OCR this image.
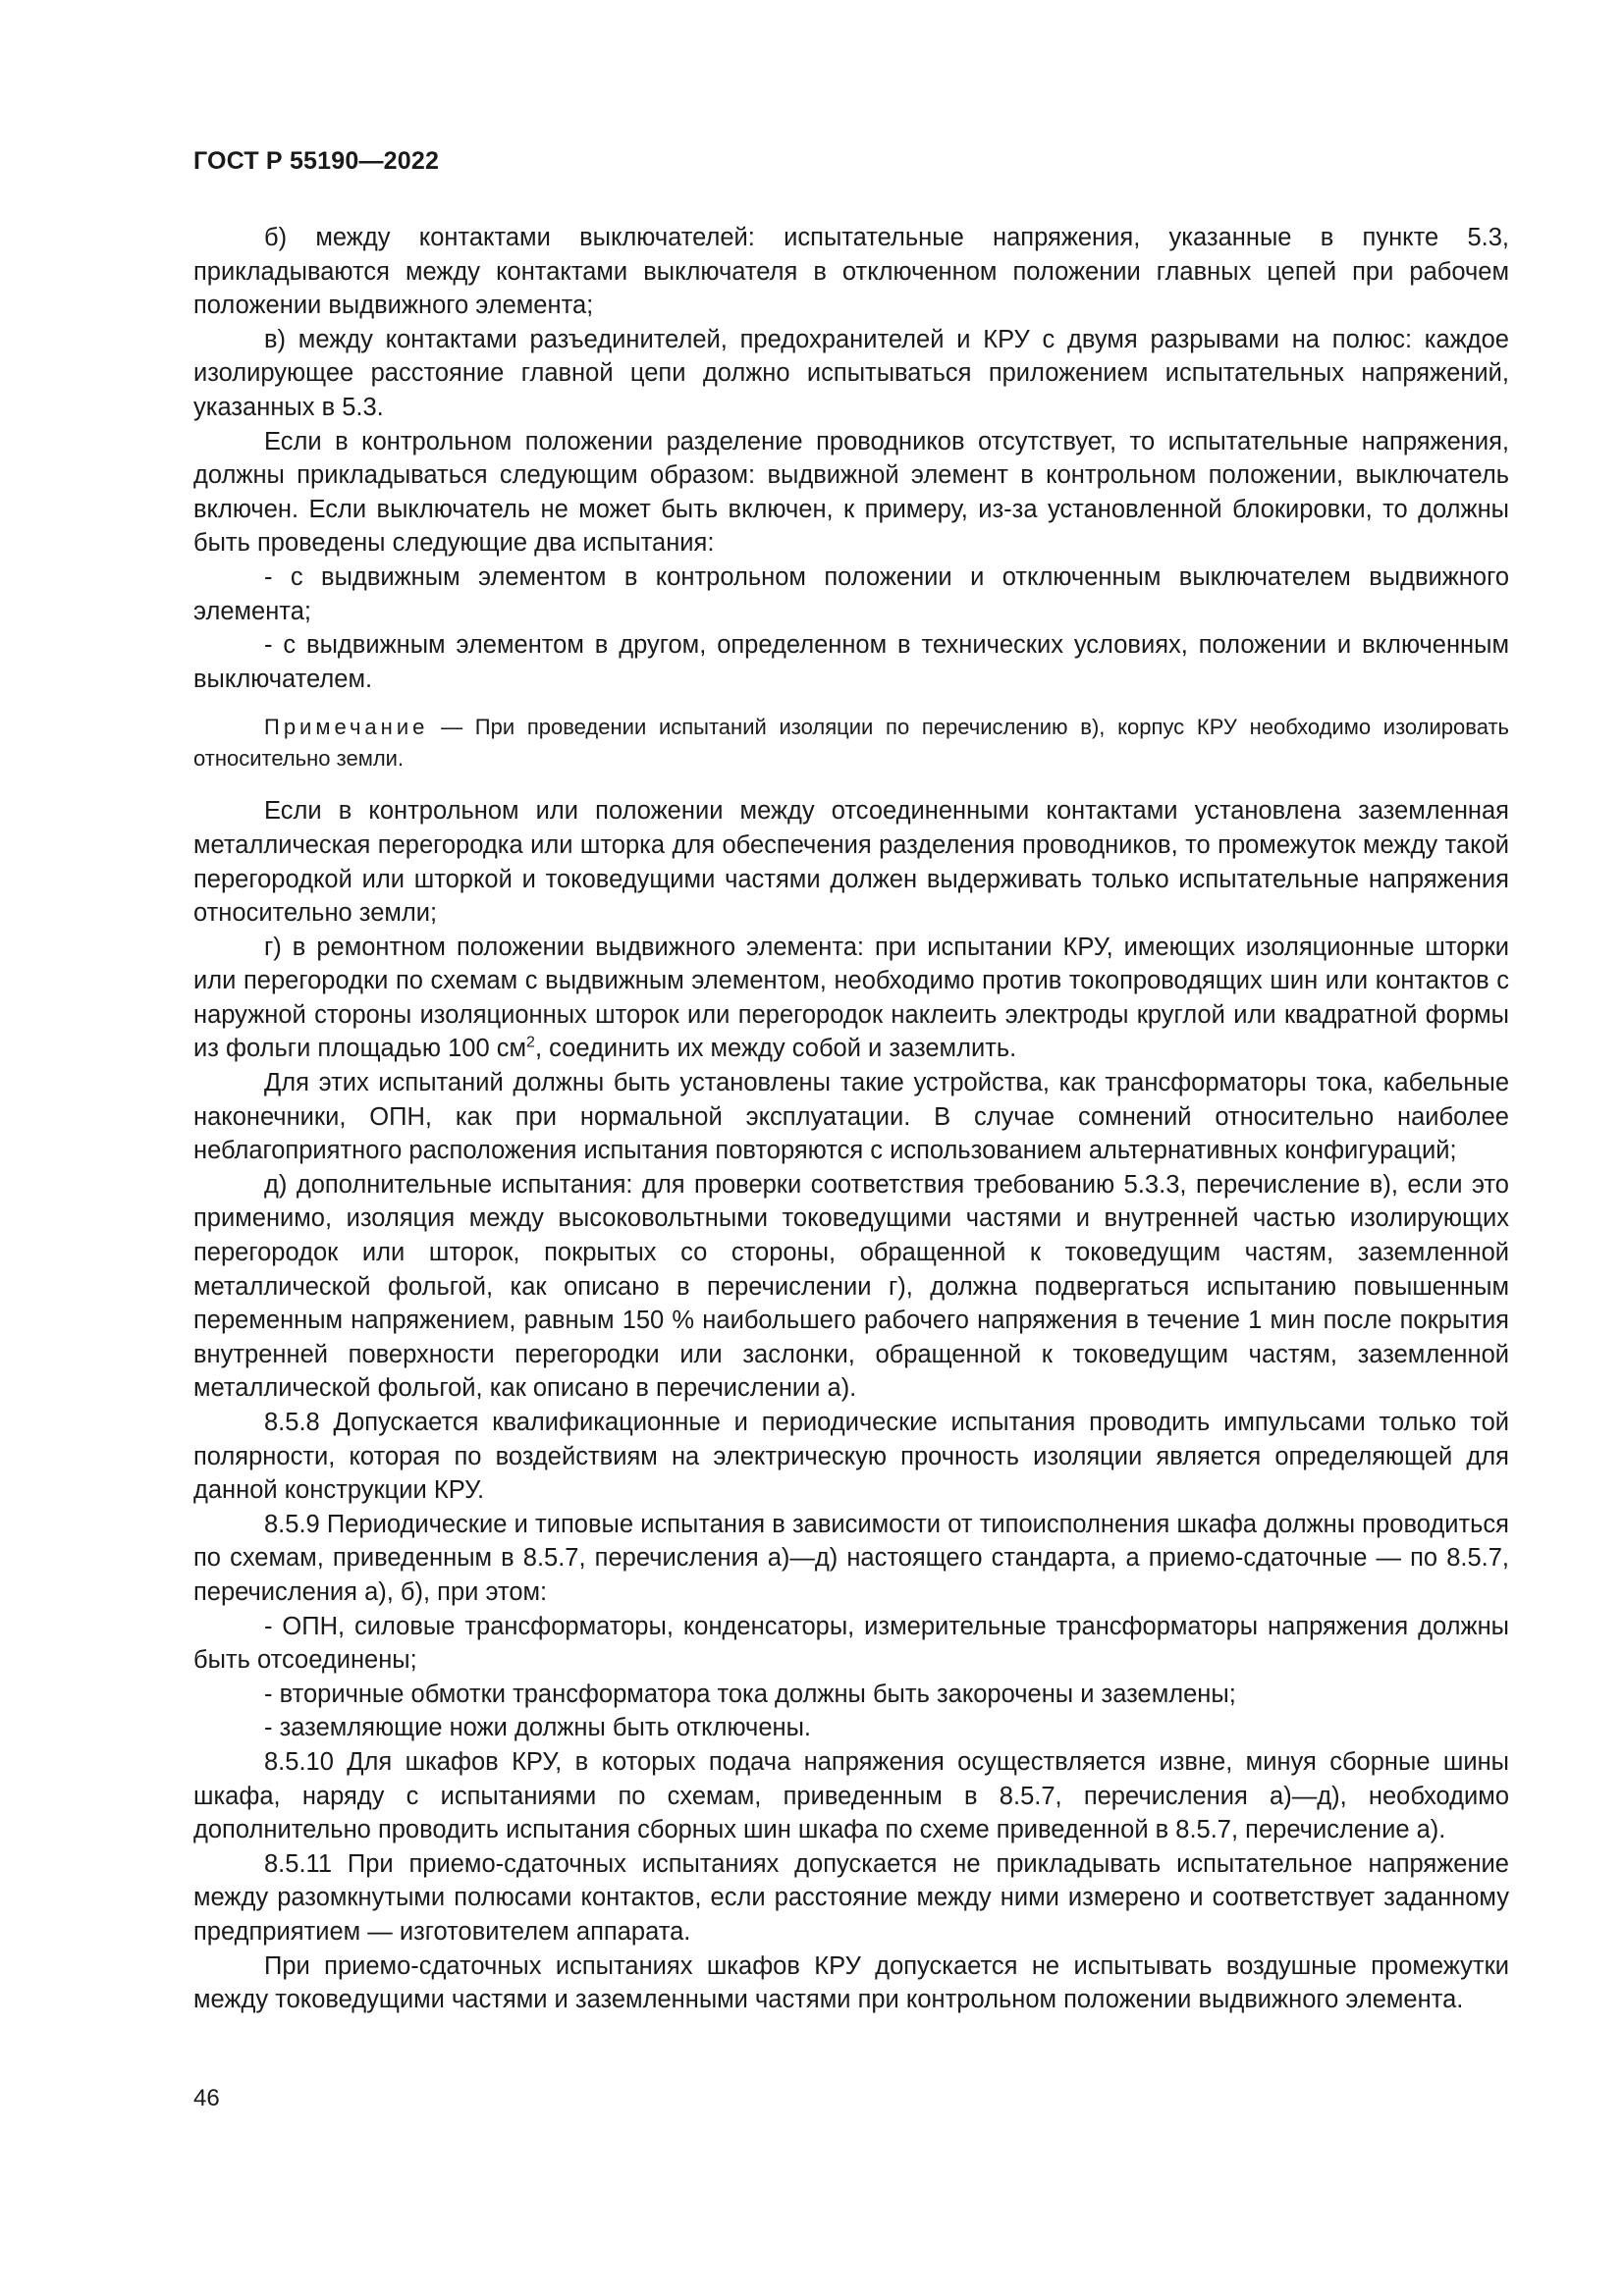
ГОСТ Р 55190—2022

б) между контактами выключателей: испытательные напряжения, указанные в пункте 5.3, прикладываются между контактами выключателя в отключенном положении главных цепей при рабочем положении выдвижного элемента;

в) между контактами разъединителей, предохранителей и КРУ с двумя разрывами на полюс: каждое изолирующее расстояние главной цепи должно испытываться приложением испытательных напряжений, указанных в 5.3.

Если в контрольном положении разделение проводников отсутствует, то испытательные напряжения, должны прикладываться следующим образом: выдвижной элемент в контрольном положении, выключатель включен. Если выключатель не может быть включен, к примеру, из-за установленной блокировки, то должны быть проведены следующие два испытания:

- с выдвижным элементом в контрольном положении и отключенным выключателем выдвижного элемента;

- с выдвижным элементом в другом, определенном в технических условиях, положении и включенным выключателем.

Примечание — При проведении испытаний изоляции по перечислению в), корпус КРУ необходимо изолировать относительно земли.

Если в контрольном или положении между отсоединенными контактами установлена заземленная металлическая перегородка или шторка для обеспечения разделения проводников, то промежуток между такой перегородкой или шторкой и токоведущими частями должен выдерживать только испытательные напряжения относительно земли;

г) в ремонтном положении выдвижного элемента: при испытании КРУ, имеющих изоляционные шторки или перегородки по схемам с выдвижным элементом, необходимо против токопроводящих шин или контактов с наружной стороны изоляционных шторок или перегородок наклеить электроды круглой или квадратной формы из фольги площадью 100 $см^2$, соединить их между собой и заземлить.

Для этих испытаний должны быть установлены такие устройства, как трансформаторы тока, кабельные наконечники, ОПН, как при нормальной эксплуатации. В случае сомнений относительно наиболее неблагоприятного расположения испытания повторяются с использованием альтернативных конфигураций;

д) дополнительные испытания: для проверки соответствия требованию 5.3.3, перечисление в), если это применимо, изоляция между высоковольтными токоведущими частями и внутренней частью изолирующих перегородок или шторок, покрытых со стороны, обращенной к токоведущим частям, заземленной металлической фольгой, как описано в перечислении г), должна подвергаться испытанию повышенным переменным напряжением, равным 150 % наибольшего рабочего напряжения в течение 1 мин после покрытия внутренней поверхности перегородки или заслонки, обращенной к токоведущим частям, заземленной металлической фольгой, как описано в перечислении а).

8.5.8 Допускается квалификационные и периодические испытания проводить импульсами только той полярности, которая по воздействиям на электрическую прочность изоляции является определяющей для данной конструкции КРУ.

8.5.9 Периодические и типовые испытания в зависимости от типоисполнения шкафа должны проводиться по схемам, приведенным в 8.5.7, перечисления а)—д) настоящего стандарта, а приемо-сдаточные — по 8.5.7, перечисления а), б), при этом:

- ОПН, силовые трансформаторы, конденсаторы, измерительные трансформаторы напряжения должны быть отсоединены;

- вторичные обмотки трансформатора тока должны быть закорочены и заземлены;

- заземляющие ножи должны быть отключены.

8.5.10 Для шкафов КРУ, в которых подача напряжения осуществляется извне, минуя сборные шины шкафа, наряду с испытаниями по схемам, приведенным в 8.5.7, перечисления а)—д), необходимо дополнительно проводить испытания сборных шин шкафа по схеме приведенной в 8.5.7, перечисление а).

8.5.11 При приемо-сдаточных испытаниях допускается не прикладывать испытательное напряжение между разомкнутыми полюсами контактов, если расстояние между ними измерено и соответствует заданному предприятием — изготовителем аппарата.

При приемо-сдаточных испытаниях шкафов КРУ допускается не испытывать воздушные промежутки между токоведущими частями и заземленными частями при контрольном положении выдвижного элемента.

46
